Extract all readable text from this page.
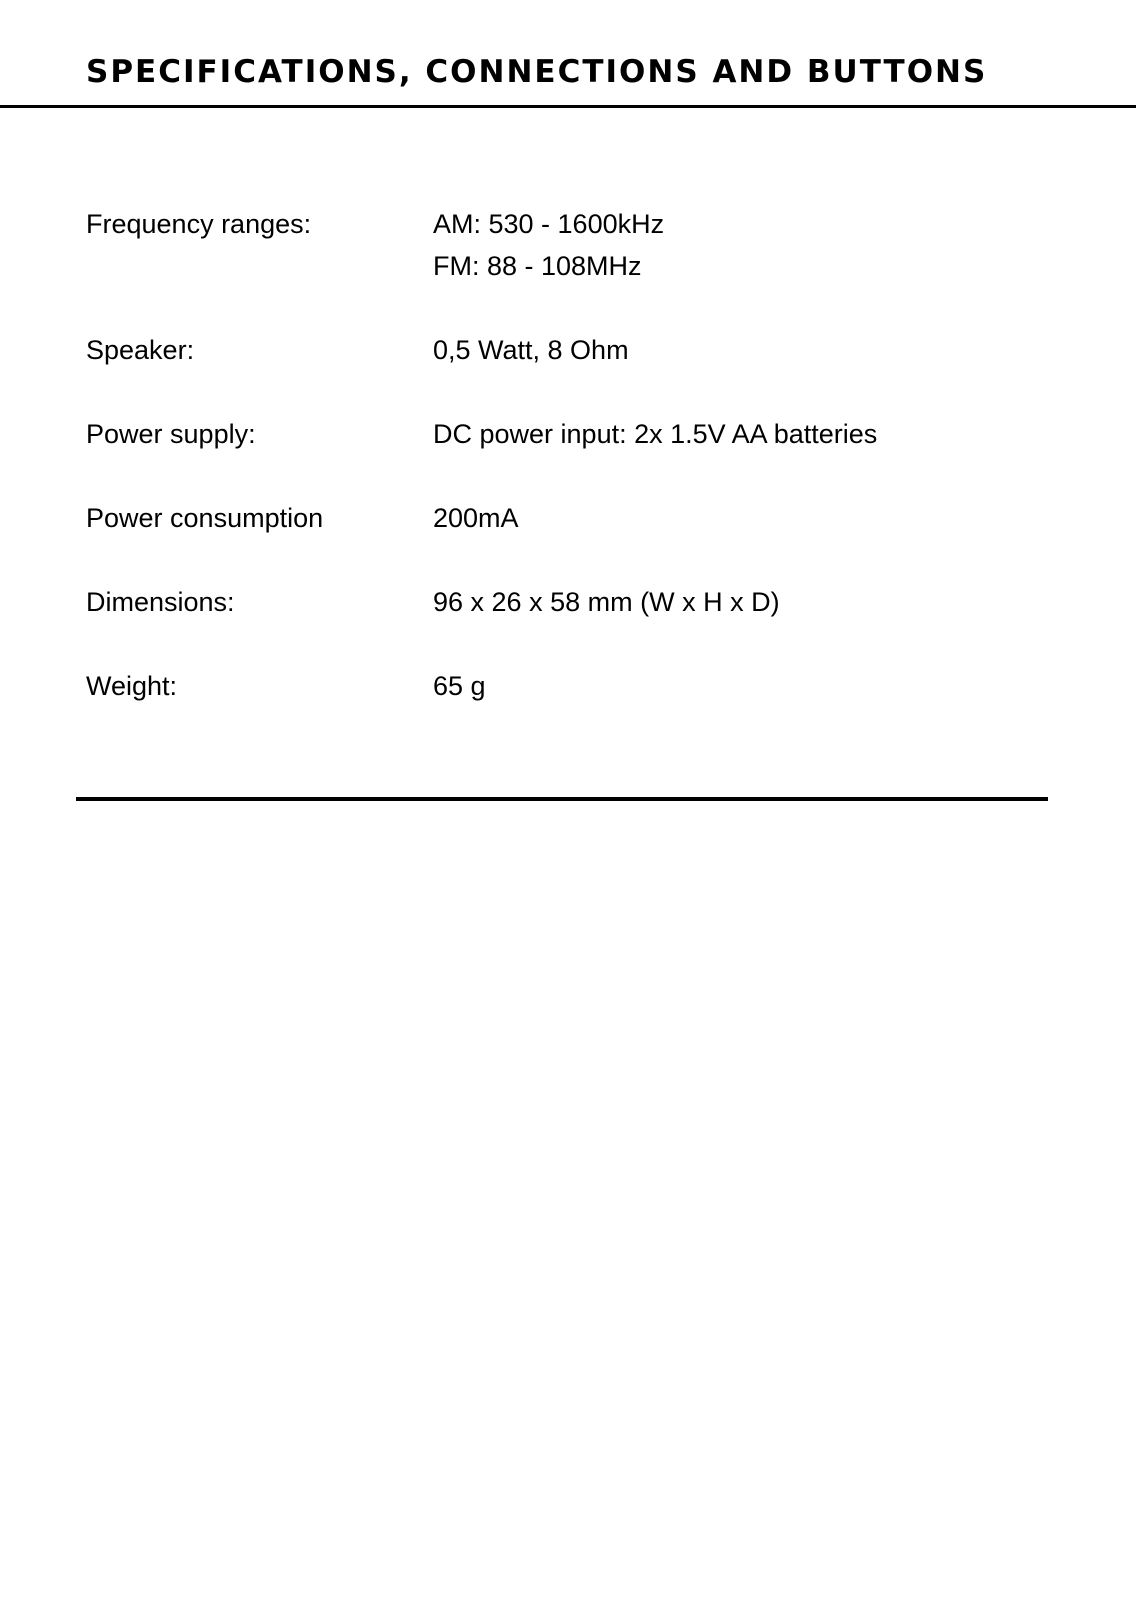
SPECIFICATIONS, CONNECTIONS AND BUTTONS
Frequency ranges:	AM: 530 - 1600kHz
FM: 88 - 108MHz
Speaker:	0,5 Watt, 8 Ohm
Power supply:	DC power input: 2x 1.5V AA batteries
Power consumption	200mA
Dimensions:	96 x 26 x 58 mm (W x H x D)
Weight:	65 g
